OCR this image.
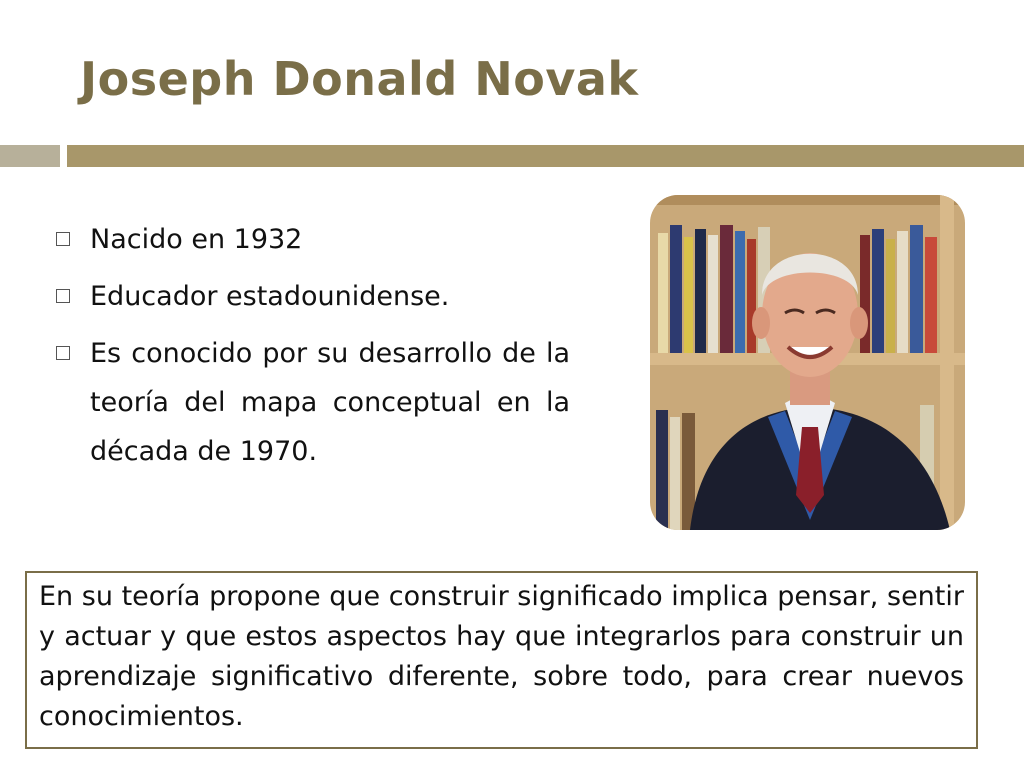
Joseph Donald Novak
Nacido en 1932
Educador estadounidense.
Es conocido por su desarrollo de la teoría del mapa conceptual en la década de 1970.
En su teoría propone que construir significado implica pensar, sentir y actuar y que estos aspectos hay que integrarlos para construir un aprendizaje significativo diferente, sobre todo, para crear nuevos conocimientos.
